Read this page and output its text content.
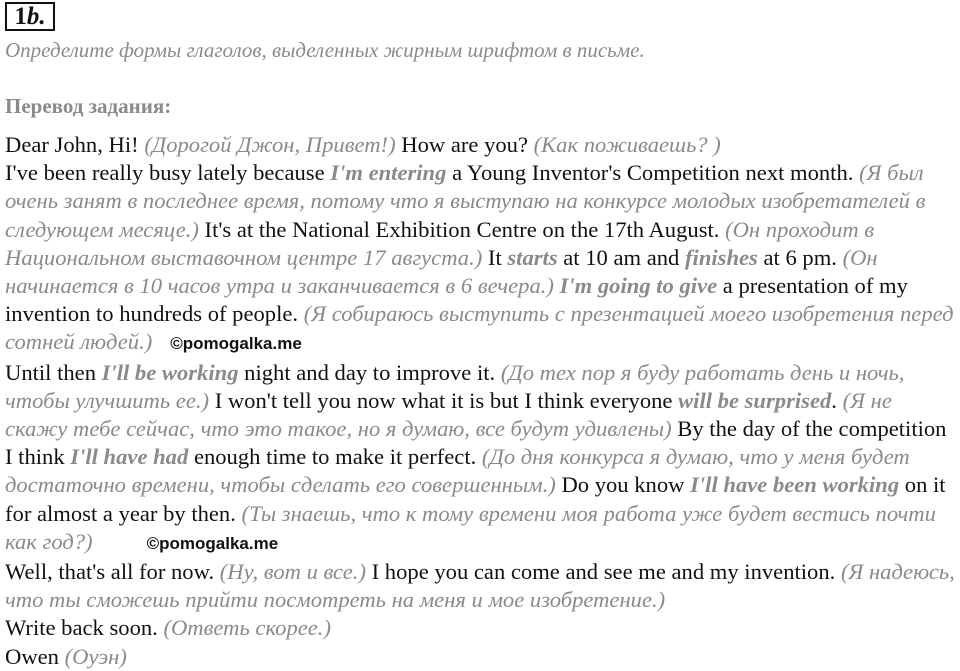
1b.
Определите формы глаголов, выделенных жирным шрифтом в письме.
Перевод задания:

Dear John, Hi! (Дорогой Джон, Привет!) How are you? (Как поживаешь? )

I've been really busy lately because I'm entering a Young Inventor's Competition next month. (Я был очень занят в последнее время, потому что я выступаю на конкурсе молодых изобретателей в следующем месяце.) It's at the National Exhibition Centre on the 17th August. (Он проходит в Национальном выставочном центре 17 августа.) It starts at 10 am and finishes at 6 pm. (Он начинается в 10 часов утра и заканчивается в 6 вечера.) I'm going to give a presentation of my invention to hundreds of people. (Я собираюсь выступить с презентацией моего изобретения перед сотней людей.) ©pomogalka.me

Until then I'll be working night and day to improve it. (До тех пор я буду работать день и ночь, чтобы улучшить ее.) I won't tell you now what it is but I think everyone will be surprised. (Я не скажу тебе сейчас, что это такое, но я думаю, все будут удивлены) By the day of the competition I think I'll have had enough time to make it perfect. (До дня конкурса я думаю, что у меня будет достаточно времени, чтобы сделать его совершенным.) Do you know I'll have been working on it for almost a year by then. (Ты знаешь, что к тому времени моя работа уже будет вестись почти как год?)	©pomogalka.me

Well, that's all for now. (Ну, вот и все.) I hope you can come and see me and my invention. (Я надеюсь, что ты сможешь прийти посмотреть на меня и мое изобретение.)

Write back soon. (Ответь скорее.)

Owen (Оуэн)
